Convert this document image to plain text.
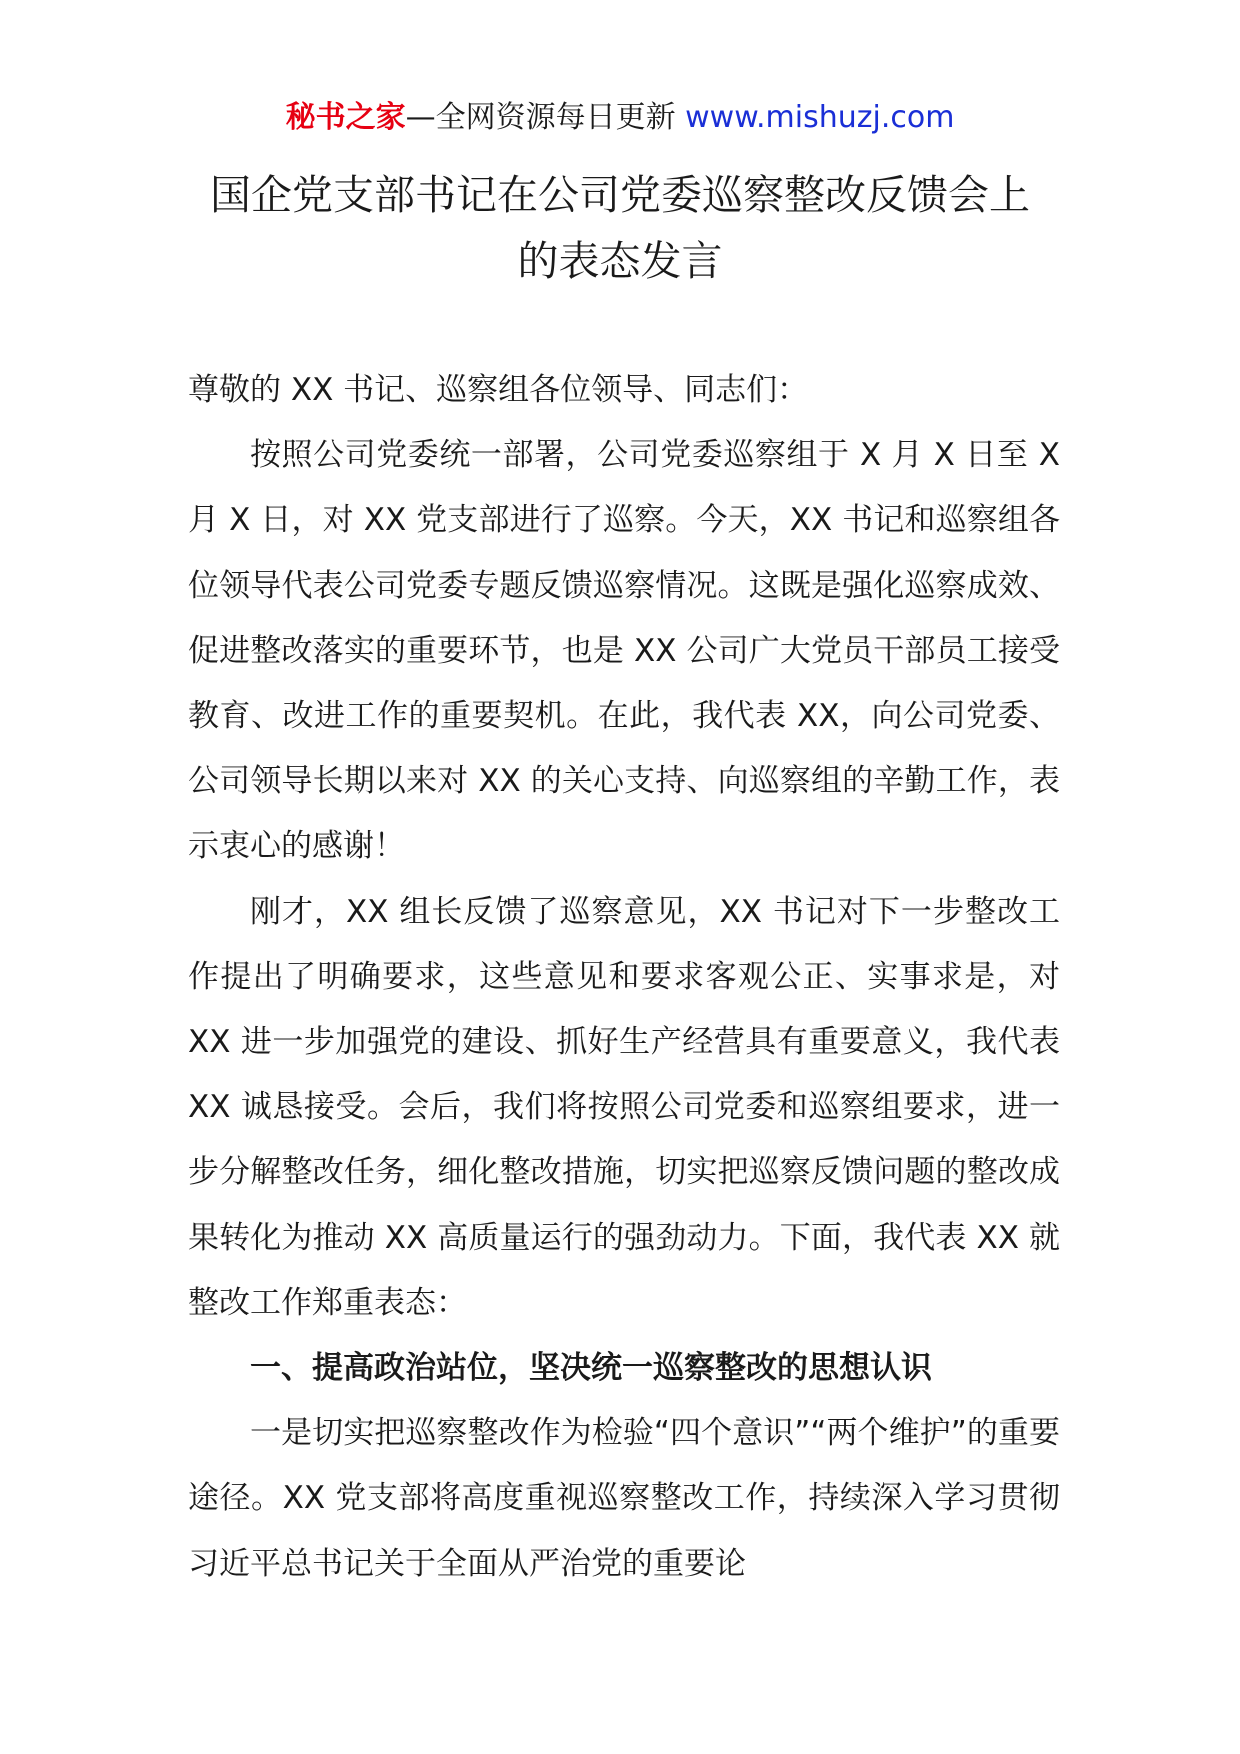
秘书之家—全网资源每日更新 www.mishuzj.com
国企党支部书记在公司党委巡察整改反馈会上
的表态发言

尊敬的 XX 书记、巡察组各位领导、同志们：

按照公司党委统一部署，公司党委巡察组于 X 月 X 日至 X 月 X 日，对 XX 党支部进行了巡察。今天，XX 书记和巡察组各位领导代表公司党委专题反馈巡察情况。这既是强化巡察成效、促进整改落实的重要环节，也是 XX 公司广大党员干部员工接受教育、改进工作的重要契机。在此，我代表 XX，向公司党委、公司领导长期以来对 XX 的关心支持、向巡察组的辛勤工作，表示衷心的感谢！

刚才，XX 组长反馈了巡察意见，XX 书记对下一步整改工作提出了明确要求，这些意见和要求客观公正、实事求是，对 XX 进一步加强党的建设、抓好生产经营具有重要意义，我代表 XX 诚恳接受。会后，我们将按照公司党委和巡察组要求，进一步分解整改任务，细化整改措施，切实把巡察反馈问题的整改成果转化为推动 XX 高质量运行的强劲动力。下面，我代表 XX 就整改工作郑重表态：

一、提高政治站位，坚决统一巡察整改的思想认识

一是切实把巡察整改作为检验“四个意识”“两个维护”的重要途径。XX 党支部将高度重视巡察整改工作，持续深入学习贯彻习近平总书记关于全面从严治党的重要论
